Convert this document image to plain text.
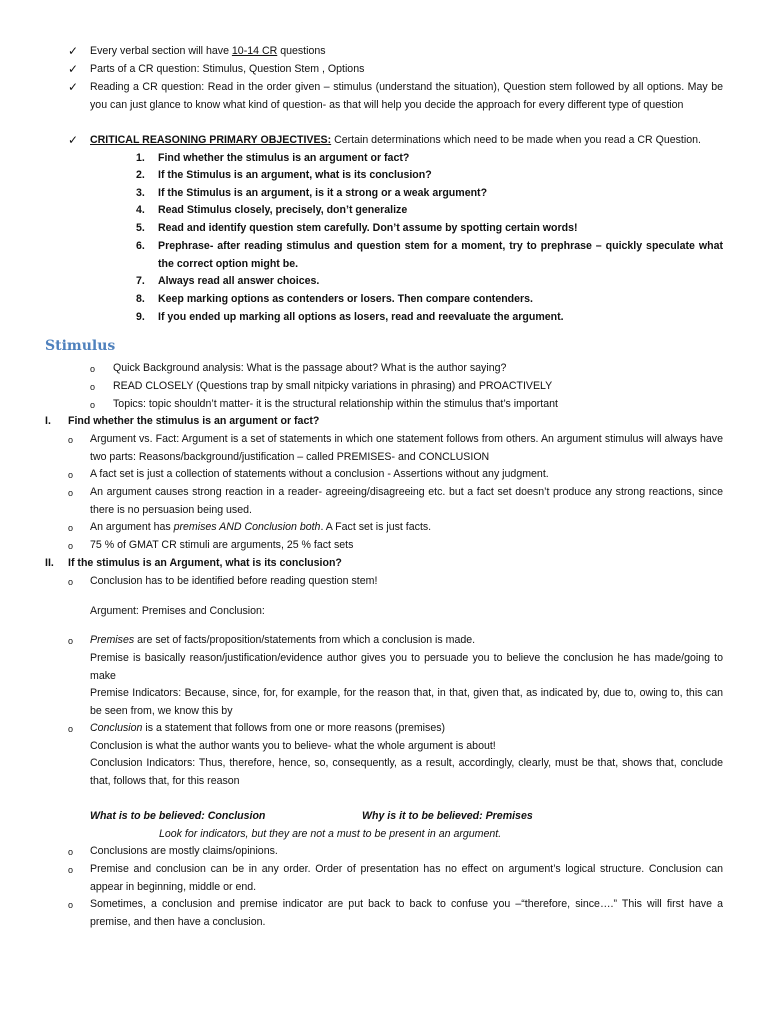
✓ Every verbal section will have 10-14 CR questions
✓ Parts of a CR question: Stimulus, Question Stem , Options
✓ Reading a CR question: Read in the order given – stimulus (understand the situation), Question stem followed by all options. May be you can just glance to know what kind of question- as that will help you decide the approach for every different type of question
✓ CRITICAL REASONING PRIMARY OBJECTIVES: Certain determinations which need to be made when you read a CR Question.
1. Find whether the stimulus is an argument or fact?
2. If the Stimulus is an argument, what is its conclusion?
3. If the Stimulus is an argument, is it a strong or a weak argument?
4. Read Stimulus closely, precisely, don’t generalize
5. Read and identify question stem carefully. Don’t assume by spotting certain words!
6. Prephrase- after reading stimulus and question stem for a moment, try to prephrase – quickly speculate what the correct option might be.
7. Always read all answer choices.
8. Keep marking options as contenders or losers. Then compare contenders.
9. If you ended up marking all options as losers, read and reevaluate the argument.
Stimulus
o Quick Background analysis: What is the passage about? What is the author saying?
o READ CLOSELY (Questions trap by small nitpicky variations in phrasing) and PROACTIVELY
o Topics: topic shouldn’t matter- it is the structural relationship within the stimulus that’s important
I. Find whether the stimulus is an argument or fact?
o Argument vs. Fact: Argument is a set of statements in which one statement follows from others. An argument stimulus will always have two parts: Reasons/background/justification – called PREMISES- and CONCLUSION
o A fact set is just a collection of statements without a conclusion - Assertions without any judgment.
o An argument causes strong reaction in a reader- agreeing/disagreeing etc. but a fact set doesn’t produce any strong reactions, since there is no persuasion being used.
o An argument has premises AND Conclusion both. A Fact set is just facts.
o 75 % of GMAT CR stimuli are arguments, 25 % fact sets
II. If the stimulus is an Argument, what is its conclusion?
o Conclusion has to be identified before reading question stem!
Argument: Premises and Conclusion:
o Premises are set of facts/proposition/statements from which a conclusion is made.
Premise is basically reason/justification/evidence author gives you to persuade you to believe the conclusion he has made/going to make
Premise Indicators: Because, since, for, for example, for the reason that, in that, given that, as indicated by, due to, owing to, this can be seen from, we know this by
o Conclusion is a statement that follows from one or more reasons (premises)
Conclusion is what the author wants you to believe- what the whole argument is about!
Conclusion Indicators: Thus, therefore, hence, so, consequently, as a result, accordingly, clearly, must be that, shows that, conclude that, follows that, for this reason
What is to be believed: Conclusion	Why is it to be believed: Premises
Look for indicators, but they are not a must to be present in an argument.
o Conclusions are mostly claims/opinions.
o Premise and conclusion can be in any order. Order of presentation has no effect on argument’s logical structure. Conclusion can appear in beginning, middle or end.
o Sometimes, a conclusion and premise indicator are put back to back to confuse you –“therefore, since….” This will first have a premise, and then have a conclusion.
